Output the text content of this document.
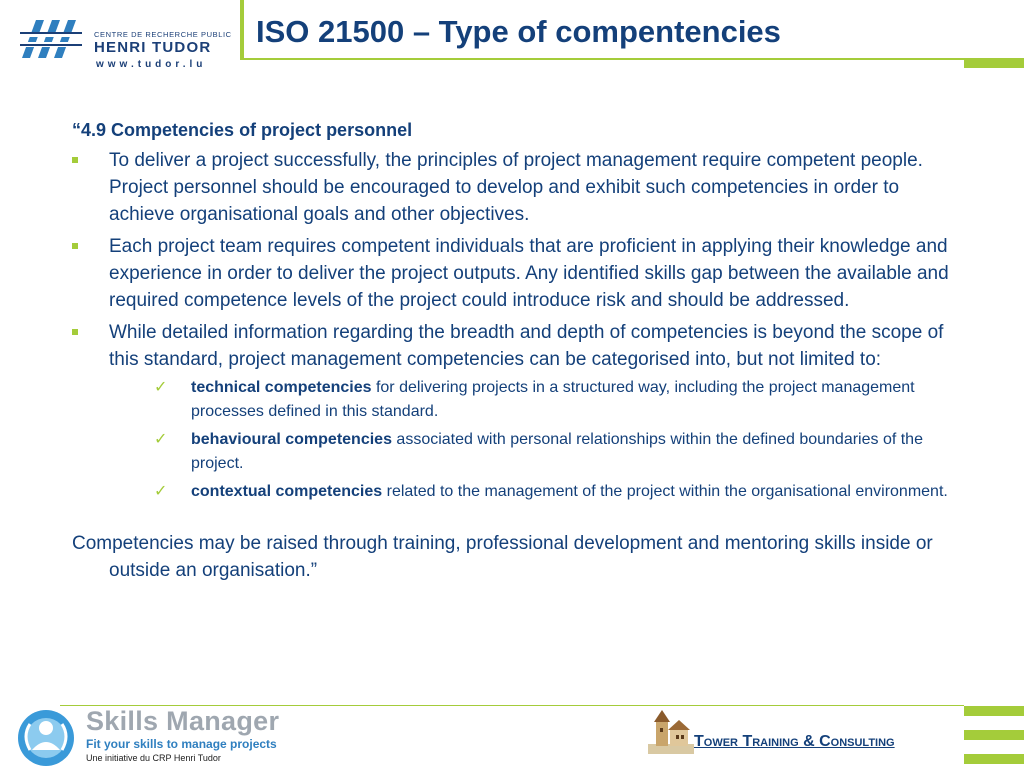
CENTRE DE RECHERCHE PUBLIC
HENRI TUDOR
www.tudor.lu
ISO 21500 – Type of compentencies

“4.9 Competencies of project personnel

To deliver a project successfully, the principles of project management require competent people. Project personnel should be encouraged to develop and exhibit such competencies in order to achieve organisational goals and other objectives.
Each project team requires competent individuals that are proficient in applying their knowledge and experience in order to deliver the project outputs. Any identified skills gap between the available and required competence levels of the project could introduce risk and should be addressed.
While detailed information regarding the breadth and depth of competencies is beyond the scope of this standard, project management competencies can be categorised into, but not limited to:
✓ technical competencies for delivering projects in a structured way, including the project management processes defined in this standard.
✓ behavioural competencies associated with personal relationships within the defined boundaries of the project.
✓ contextual competencies related to the management of the project within the organisational environment.

Competencies may be raised through training, professional development and mentoring skills inside or outside an organisation.”

Skills Manager
Fit your skills to manage projects
Une initiative du CRP Henri Tudor
Tower Training & Consulting
